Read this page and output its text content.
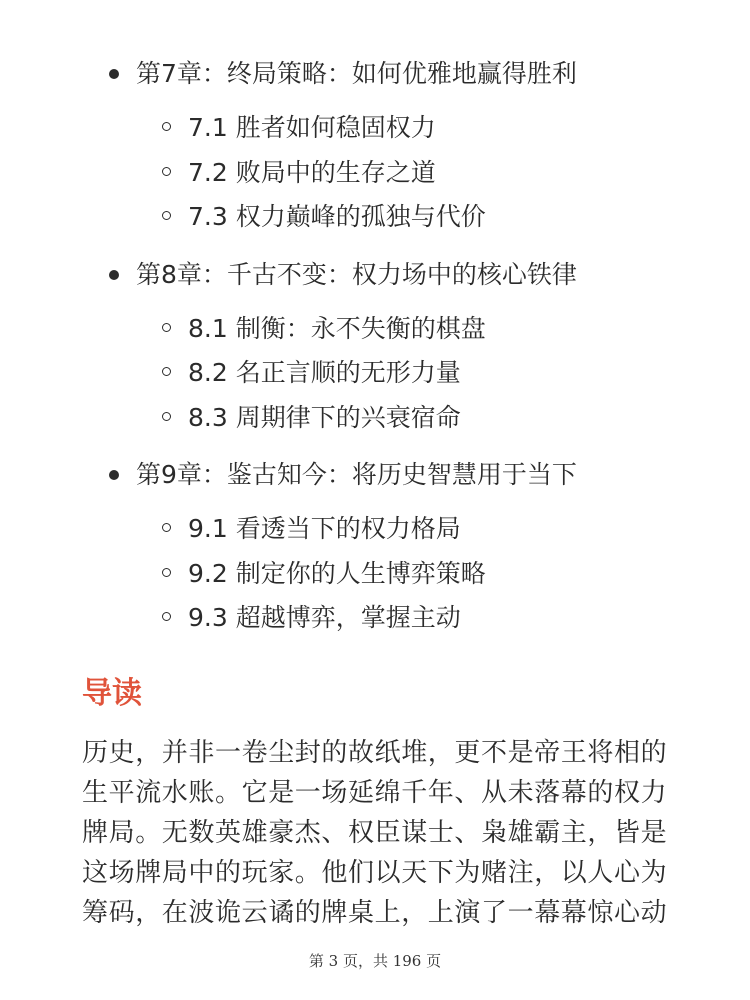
第7章：终局策略：如何优雅地赢得胜利
7.1 胜者如何稳固权力
7.2 败局中的生存之道
7.3 权力巅峰的孤独与代价
第8章：千古不变：权力场中的核心铁律
8.1 制衡：永不失衡的棋盘
8.2 名正言顺的无形力量
8.3 周期律下的兴衰宿命
第9章：鉴古知今：将历史智慧用于当下
9.1 看透当下的权力格局
9.2 制定你的人生博弈策略
9.3 超越博弈，掌握主动
导读

历史，并非一卷尘封的故纸堆，更不是帝王将相的
生平流水账。它是一场延绵千年、从未落幕的权力
牌局。无数英雄豪杰、权臣谋士、枭雄霸主，皆是
这场牌局中的玩家。他们以天下为赌注，以人心为
筹码，在波诡云谲的牌桌上，上演了一幕幕惊心动

第 3 页，共 196 页
